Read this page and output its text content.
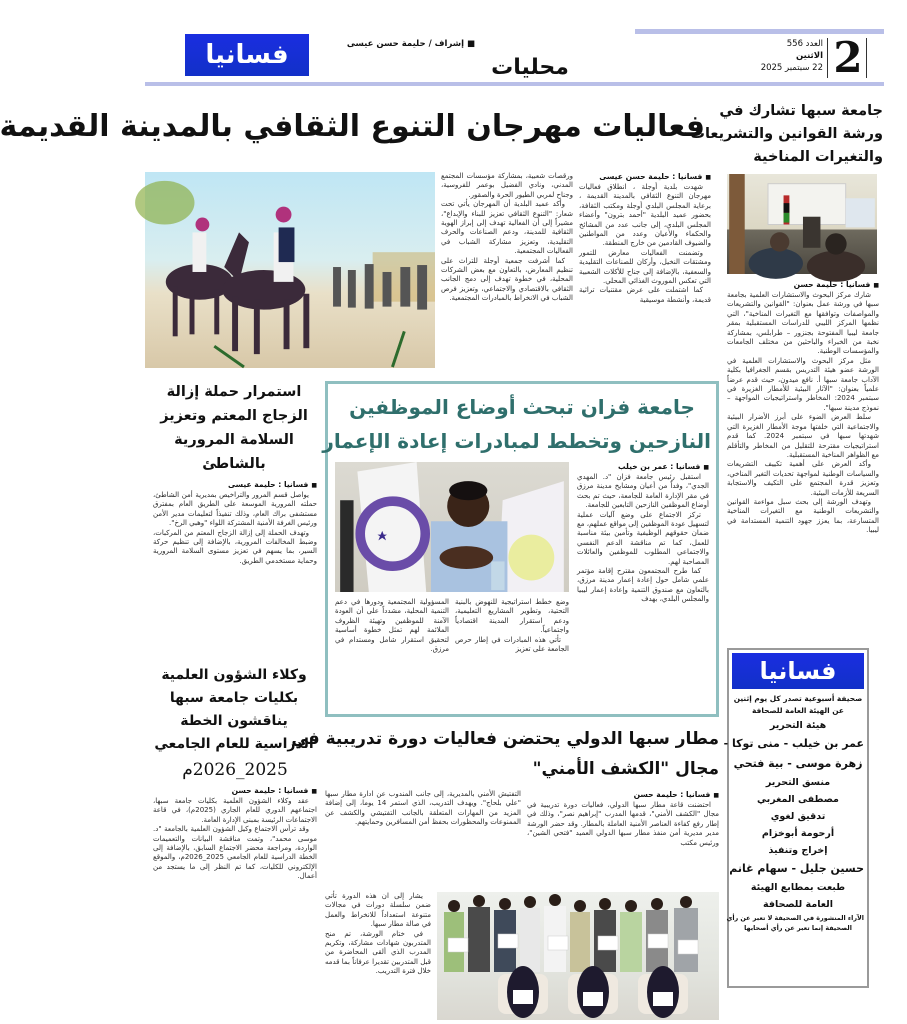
2
العدد 556
الاثنين
22 سبتمبر 2025
محليات
■ إشراف / حليمة حسن عيسى
فسانيا
فعاليات مهرجان التنوع الثقافي بالمدينة القديمة
■ فسانيا : حليمة حسن عيسى

شهدت بلدية أوجلة ، انطلاق فعاليات مهرجان التنوع الثقافي بالمدينة القديمة ، برعاية المجلس البلدي أوجلة ومكتب الثقافة، بحضور عميد البلدية "أحمد بترون" وأعضاء المجلس البلدي، إلى جانب عدد من المشائخ والحكماء والأعيان وعدد من المواطنين والضيوف القادمين من خارج المنطقة.

وتضمنت الفعاليات معارض للتمور ومشتقات النخيل، وأركان للصناعات التقليدية والسعفية، بالإضافة إلى جناح للأكلات الشعبية التي تعكس الموروث الغذائي المحلي.

كما اشتملت على عرض مقتنيات تراثية قديمة، وأنشطة موسيقية

ورقصات شعبية، بمشاركة مؤسسات المجتمع المدني، ونادي الفضيل بوعمر للفروسية، وجناح لمربي الطيور الحرة والصقور.

وأكد عميد البلدية أن المهرجان يأتي تحت شعار: "التنوع الثقافي تعزيز للبناء والإبداع"، مشيراً إلى أن الفعالية تهدف إلى إبراز الهوية الثقافية للمدينة، ودعم الصناعات والحرف التقليدية، وتعزيز مشاركة الشباب في الفعاليات المجتمعية.

كما أشرفت جمعية أوجلة للتراث على تنظيم المعارض، بالتعاون مع بعض الشركات المحلية، في خطوة تهدف إلى دمج الجانب الثقافي بالاقتصادي والاجتماعي، وتعزيز فرص الشباب في الانخراط بالمبادرات المجتمعية.

جامعة سبها تشارك في
ورشة القوانين والتشريعات
والتغيرات المناخية
■ فسانيا : حليمة حسن

شارك مركز البحوث والاستشارات العلمية بجامعة سبها في ورشة عمل بعنوان: "القوانين والتشريعات والمواصفات وتوافقها مع التغيرات المناخية"، التي نظمها المركز الليبي للدراسات المستقبلية بمقر جامعة ليبيا المفتوحة بجنزور – طرابلس، بمشاركة نخبة من الخبراء والباحثين من مختلف الجامعات والمؤسسات الوطنية.

مثل مركز البحوث والاستشارات العلمية في الورشة عضو هيئة التدريس بقسم الجغرافيا بكلية الآداب جامعة سبها أ. نافع ميدون، حيث قدم عرضاً علمياً بعنوان: "الآثار البيئية للأمطار الغزيرة في سبتمبر 2024: المخاطر واستراتيجيات المواجهة – نموذج مدينة سبها".

سلط العرض الضوء على أبرز الأضرار البيئية والاجتماعية التي خلفتها موجة الأمطار الغزيرة التي شهدتها سبها في سبتمبر 2024. كما قدم استراتيجيات مقترحة للتقليل من المخاطر والتأقلم مع الظواهر المناخية المستقبلية.

وأكد العرض على أهمية تكييف التشريعات والسياسات الوطنية لمواجهة تحديات التغير المناخي، وتعزيز قدرة المجتمع على التكيف والاستجابة السريعة للأزمات البيئية.

وتهدف الورشة إلى بحث سبل مواءمة القوانين والتشريعات الوطنية مع التغيرات المناخية المتسارعة، بما يعزز جهود التنمية المستدامة في ليبيا.

فسانيا
صحيفة أسبوعية تصدر كل يوم إثنين
عن الهيئة العامة للصحافة
هيئة التحرير
عمر بن خيلب - منى توكا -
زهرة موسى - بية فتحي
منسق التحرير
مصطفى المغربي
تدقيق لغوي
أرحومة أبوخزام
إخراج وتنفيذ
حسين جليل - سهام غانم
طبعت بمطابع الهيئة
العامة للصحافة
الآراء المنشورة في الصحيفة لا تعبر عن رأي
الصحيفة إنما تعبر عن رأي أصحابها
جامعة فزان تبحث أوضاع الموظفين
النازحين وتخطط لمبادرات إعادة الإعمار
■ فسانيا : عمر بن خيلب

استقبل رئيس جامعة فزان "د. المهدي الجدي"، وفداً من أعيان ومشايخ مدينة مرزق في مقر الإدارة العامة للجامعة، حيث تم بحث أوضاع الموظفين النازحين التابعين للجامعة.

تركز الاجتماع على وضع آليات عملية لتسهيل عودة الموظفين إلى مواقع عملهم، مع ضمان حقوقهم الوظيفية وتأمين بيئة مناسبة للعمل، كما تم مناقشة الدعم النفسي والاجتماعي المطلوب للموظفين والعائلات المصاحبة لهم.

كما طرح المجتمعون مقترح إقامة مؤتمر علمي شامل حول إعادة إعمار مدينة مرزق، بالتعاون مع صندوق التنمية وإعادة إعمار ليبيا والمجلس البلدي، بهدف

وضع خطط استراتيجية للنهوض بالبنية التحتية، وتطوير المشاريع التعليمية، ودعم استقرار المدينة اقتصادياً واجتماعياً.

تأتي هذه المبادرات في إطار حرص الجامعة على تعزيز

المسؤولية المجتمعية ودورها في دعم التنمية المحلية، مشدداً على أن العودة الآمنة للموظفين وتهيئة الظروف الملائمة لهم تمثل خطوة أساسية لتحقيق استقرار شامل ومستدام في مرزق.

استمرار حملة إزالة
الزجاج المعتم وتعزيز
السلامة المرورية
بالشاطئ
■ فسانيا : حليمة عيسى

يواصل قسم المرور والتراخيص بمديرية أمن الشاطئ، حملته المرورية الموسعة على الطريق العام بمفترق مستشفى براك العام، وذلك تنفيذاً لتعليمات مدير الأمن ورئيس الغرفة الأمنية المشتركة اللواء "وهبي الرخ".

وتهدف الحملة إلى إزالة الزجاج المعتم من المركبات، وضبط المخالفات المرورية، بالإضافة إلى تنظيم حركة السير، بما يسهم في تعزيز مستوى السلامة المرورية وحماية مستخدمي الطريق.

وكلاء الشؤون العلمية
بكليات جامعة سبها
يناقشون الخطة
الدراسية للعام الجامعي
2025_2026م
■ فسانيا : حليمة حسن

عقد وكلاء الشؤون العلمية بكليات جامعة سبها، اجتماعهم الدوري للعام الجاري (2025م)، في قاعة الاجتماعات الرئيسة بمبنى الإدارة العامة.

وقد ترأس الاجتماع وكيل الشؤون العلمية بالجامعة "د. موسى محمد"، وتمت مناقشة البيانات والتعميمات الواردة، ومراجعة محضر الاجتماع السابق، بالإضافة إلى الخطة الدراسية للعام الجامعي 2025_2026م، والموقع الإلكتروني للكليات، كما تم النظر إلى ما يستجد من أعمال.

مطار سبها الدولي يحتضن فعاليات دورة تدريبية في
مجال "الكشف الأمني"
■ فسانيا : حليمة حسن

احتضنت قاعة مطار سبها الدولي، فعاليات دورة تدريبية في مجال "الكشف الأمني"، قدمها المدرب "إبراهيم نصر"، وذلك في إطار رفع كفاءة العناصر الأمنية العاملة بالمطار. وقد حضر الورشة مدير مديرية أمن منفذ مطار سبها الدولي العميد "فتحي الشين"، ورئيس مكتب

التفتيش الأمني بالمديرية، إلى جانب المندوب عن ادارة مطار سبها "علي بلحاج". ويهدف التدريب، الذي استمر 14 يوما، إلى إضافة المزيد من المهارات المتعلقة بالجانب التفتيشي والكشف عن الممنوعات والمحظورات بحفظ أمن المسافرين وحمايتهم.

يشار إلى ان هذه الدورة تأتي ضمن سلسلة دورات في مجالات متنوعة استعداداً للانخراط والعمل في صالة مطار سبها.

في ختام الورشة، تم منح المتدربون شهادات مشاركة، وتكريم المدرب الذي ألقى المحاضرة من قبل المتدربين تقديرا عرفاناً بما قدمه خلال فترة التدريب.
